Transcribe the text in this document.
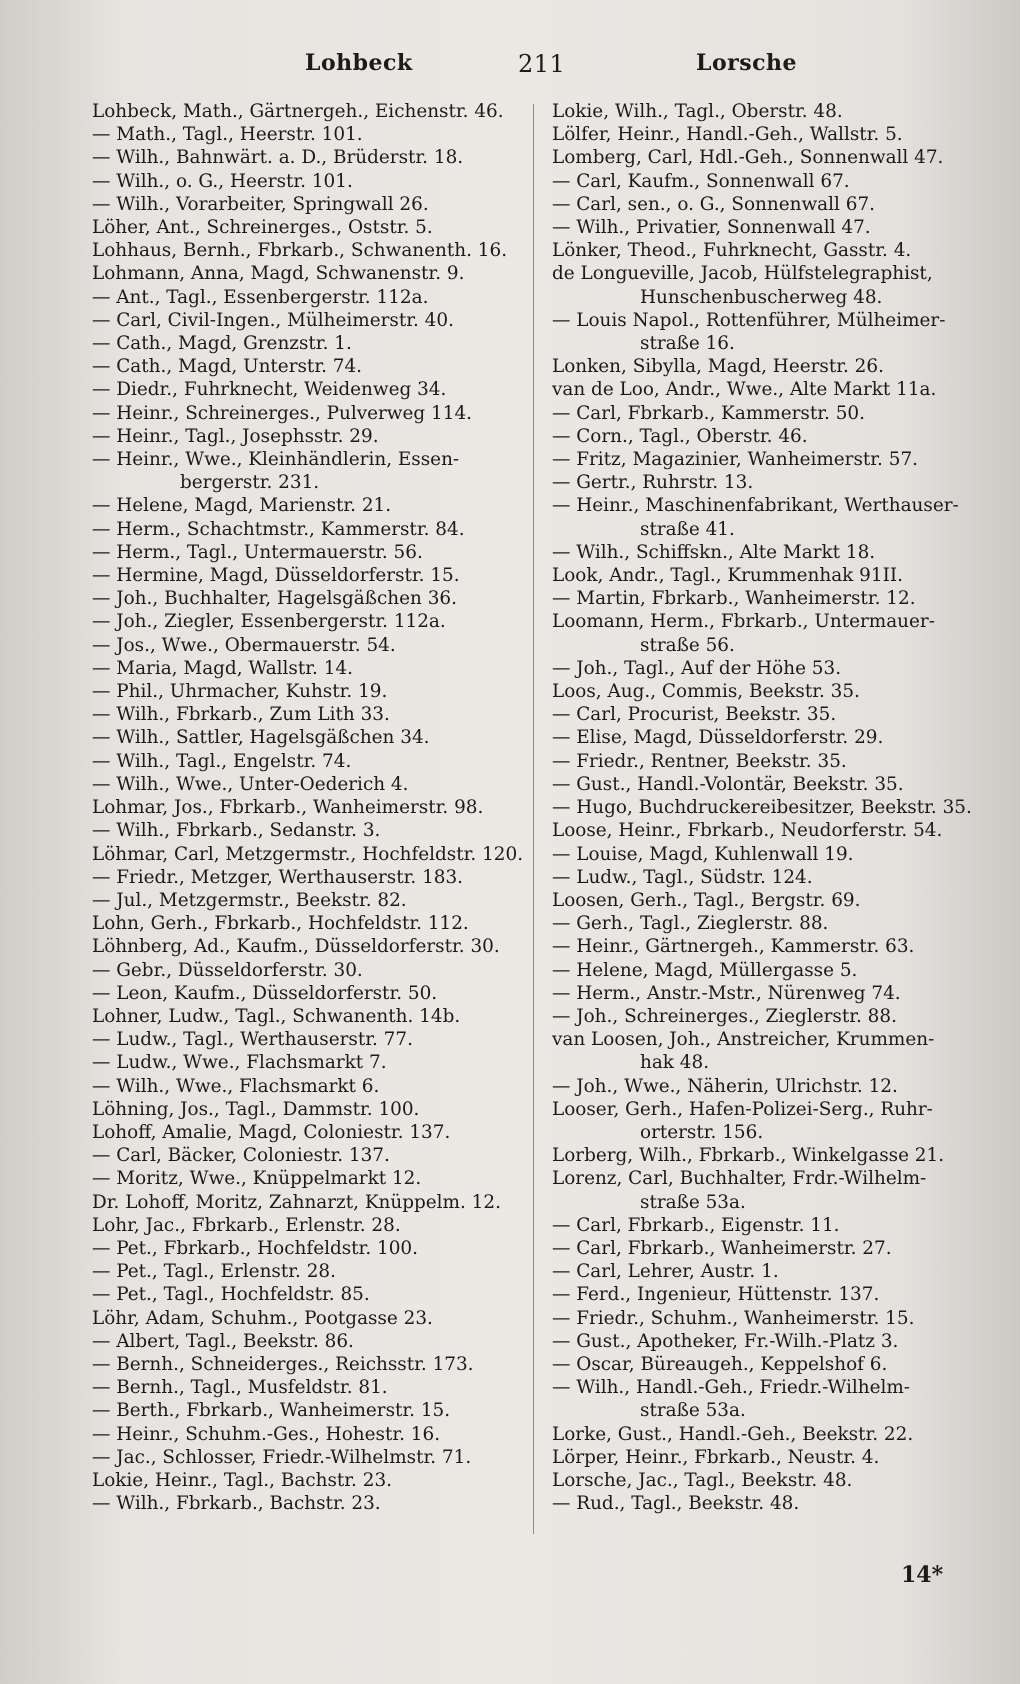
Lohbeck	211	Lorsche
Lohbeck, Math., Gärtnergeh., Eichenstr. 46.
— Math., Tagl., Heerstr. 101.
— Wilh., Bahnwärt. a. D., Brüderstr. 18.
— Wilh., o. G., Heerstr. 101.
— Wilh., Vorarbeiter, Springwall 26.
Löher, Ant., Schreinerges., Oststr. 5.
Lohhaus, Bernh., Fbrkarb., Schwanenth. 16.
Lohmann, Anna, Magd, Schwanenstr. 9.
— Ant., Tagl., Essenbergerstr. 112a.
— Carl, Civil-Ingen., Mülheimerstr. 40.
— Cath., Magd, Grenzstr. 1.
— Cath., Magd, Unterstr. 74.
— Diedr., Fuhrknecht, Weidenweg 34.
— Heinr., Schreinerges., Pulverweg 114.
— Heinr., Tagl., Josephsstr. 29.
— Heinr., Wwe., Kleinhändlerin, Essen-
bergerstr. 231.
— Helene, Magd, Marienstr. 21.
— Herm., Schachtmstr., Kammerstr. 84.
— Herm., Tagl., Untermauerstr. 56.
— Hermine, Magd, Düsseldorferstr. 15.
— Joh., Buchhalter, Hagelsgäßchen 36.
— Joh., Ziegler, Essenbergerstr. 112a.
— Jos., Wwe., Obermauerstr. 54.
— Maria, Magd, Wallstr. 14.
— Phil., Uhrmacher, Kuhstr. 19.
— Wilh., Fbrkarb., Zum Lith 33.
— Wilh., Sattler, Hagelsgäßchen 34.
— Wilh., Tagl., Engelstr. 74.
— Wilh., Wwe., Unter-Oederich 4.
Lohmar, Jos., Fbrkarb., Wanheimerstr. 98.
— Wilh., Fbrkarb., Sedanstr. 3.
Löhmar, Carl, Metzgermstr., Hochfeldstr. 120.
— Friedr., Metzger, Werthauserstr. 183.
— Jul., Metzgermstr., Beekstr. 82.
Lohn, Gerh., Fbrkarb., Hochfeldstr. 112.
Löhnberg, Ad., Kaufm., Düsseldorferstr. 30.
— Gebr., Düsseldorferstr. 30.
— Leon, Kaufm., Düsseldorferstr. 50.
Lohner, Ludw., Tagl., Schwanenth. 14b.
— Ludw., Tagl., Werthauserstr. 77.
— Ludw., Wwe., Flachsmarkt 7.
— Wilh., Wwe., Flachsmarkt 6.
Löhning, Jos., Tagl., Dammstr. 100.
Lohoff, Amalie, Magd, Coloniestr. 137.
— Carl, Bäcker, Coloniestr. 137.
— Moritz, Wwe., Knüppelmarkt 12.
Dr. Lohoff, Moritz, Zahnarzt, Knüppelm. 12.
Lohr, Jac., Fbrkarb., Erlenstr. 28.
— Pet., Fbrkarb., Hochfeldstr. 100.
— Pet., Tagl., Erlenstr. 28.
— Pet., Tagl., Hochfeldstr. 85.
Löhr, Adam, Schuhm., Pootgasse 23.
— Albert, Tagl., Beekstr. 86.
— Bernh., Schneiderges., Reichsstr. 173.
— Bernh., Tagl., Musfeldstr. 81.
— Berth., Fbrkarb., Wanheimerstr. 15.
— Heinr., Schuhm.-Ges., Hohestr. 16.
— Jac., Schlosser, Friedr.-Wilhelmstr. 71.
Lokie, Heinr., Tagl., Bachstr. 23.
— Wilh., Fbrkarb., Bachstr. 23.
Lokie, Wilh., Tagl., Oberstr. 48.
Lölfer, Heinr., Handl.-Geh., Wallstr. 5.
Lomberg, Carl, Hdl.-Geh., Sonnenwall 47.
— Carl, Kaufm., Sonnenwall 67.
— Carl, sen., o. G., Sonnenwall 67.
— Wilh., Privatier, Sonnenwall 47.
Lönker, Theod., Fuhrknecht, Gasstr. 4.
de Longueville, Jacob, Hülfstelegraphist,
Hunschenbuscherweg 48.
— Louis Napol., Rottenführer, Mülheimer-
straße 16.
Lonken, Sibylla, Magd, Heerstr. 26.
van de Loo, Andr., Wwe., Alte Markt 11a.
— Carl, Fbrkarb., Kammerstr. 50.
— Corn., Tagl., Oberstr. 46.
— Fritz, Magazinier, Wanheimerstr. 57.
— Gertr., Ruhrstr. 13.
— Heinr., Maschinenfabrikant, Werthauser-
straße 41.
— Wilh., Schiffskn., Alte Markt 18.
Look, Andr., Tagl., Krummenhak 91II.
— Martin, Fbrkarb., Wanheimerstr. 12.
Loomann, Herm., Fbrkarb., Untermauer-
straße 56.
— Joh., Tagl., Auf der Höhe 53.
Loos, Aug., Commis, Beekstr. 35.
— Carl, Procurist, Beekstr. 35.
— Elise, Magd, Düsseldorferstr. 29.
— Friedr., Rentner, Beekstr. 35.
— Gust., Handl.-Volontär, Beekstr. 35.
— Hugo, Buchdruckereibesitzer, Beekstr. 35.
Loose, Heinr., Fbrkarb., Neudorferstr. 54.
— Louise, Magd, Kuhlenwall 19.
— Ludw., Tagl., Südstr. 124.
Loosen, Gerh., Tagl., Bergstr. 69.
— Gerh., Tagl., Zieglerstr. 88.
— Heinr., Gärtnergeh., Kammerstr. 63.
— Helene, Magd, Müllergasse 5.
— Herm., Anstr.-Mstr., Nürenweg 74.
— Joh., Schreinerges., Zieglerstr. 88.
van Loosen, Joh., Anstreicher, Krummen-
hak 48.
— Joh., Wwe., Näherin, Ulrichstr. 12.
Looser, Gerh., Hafen-Polizei-Serg., Ruhr-
orterstr. 156.
Lorberg, Wilh., Fbrkarb., Winkelgasse 21.
Lorenz, Carl, Buchhalter, Frdr.-Wilhelm-
straße 53a.
— Carl, Fbrkarb., Eigenstr. 11.
— Carl, Fbrkarb., Wanheimerstr. 27.
— Carl, Lehrer, Austr. 1.
— Ferd., Ingenieur, Hüttenstr. 137.
— Friedr., Schuhm., Wanheimerstr. 15.
— Gust., Apotheker, Fr.-Wilh.-Platz 3.
— Oscar, Büreaugeh., Keppelshof 6.
— Wilh., Handl.-Geh., Friedr.-Wilhelm-
straße 53a.
Lorke, Gust., Handl.-Geh., Beekstr. 22.
Lörper, Heinr., Fbrkarb., Neustr. 4.
Lorsche, Jac., Tagl., Beekstr. 48.
— Rud., Tagl., Beekstr. 48.
14*
